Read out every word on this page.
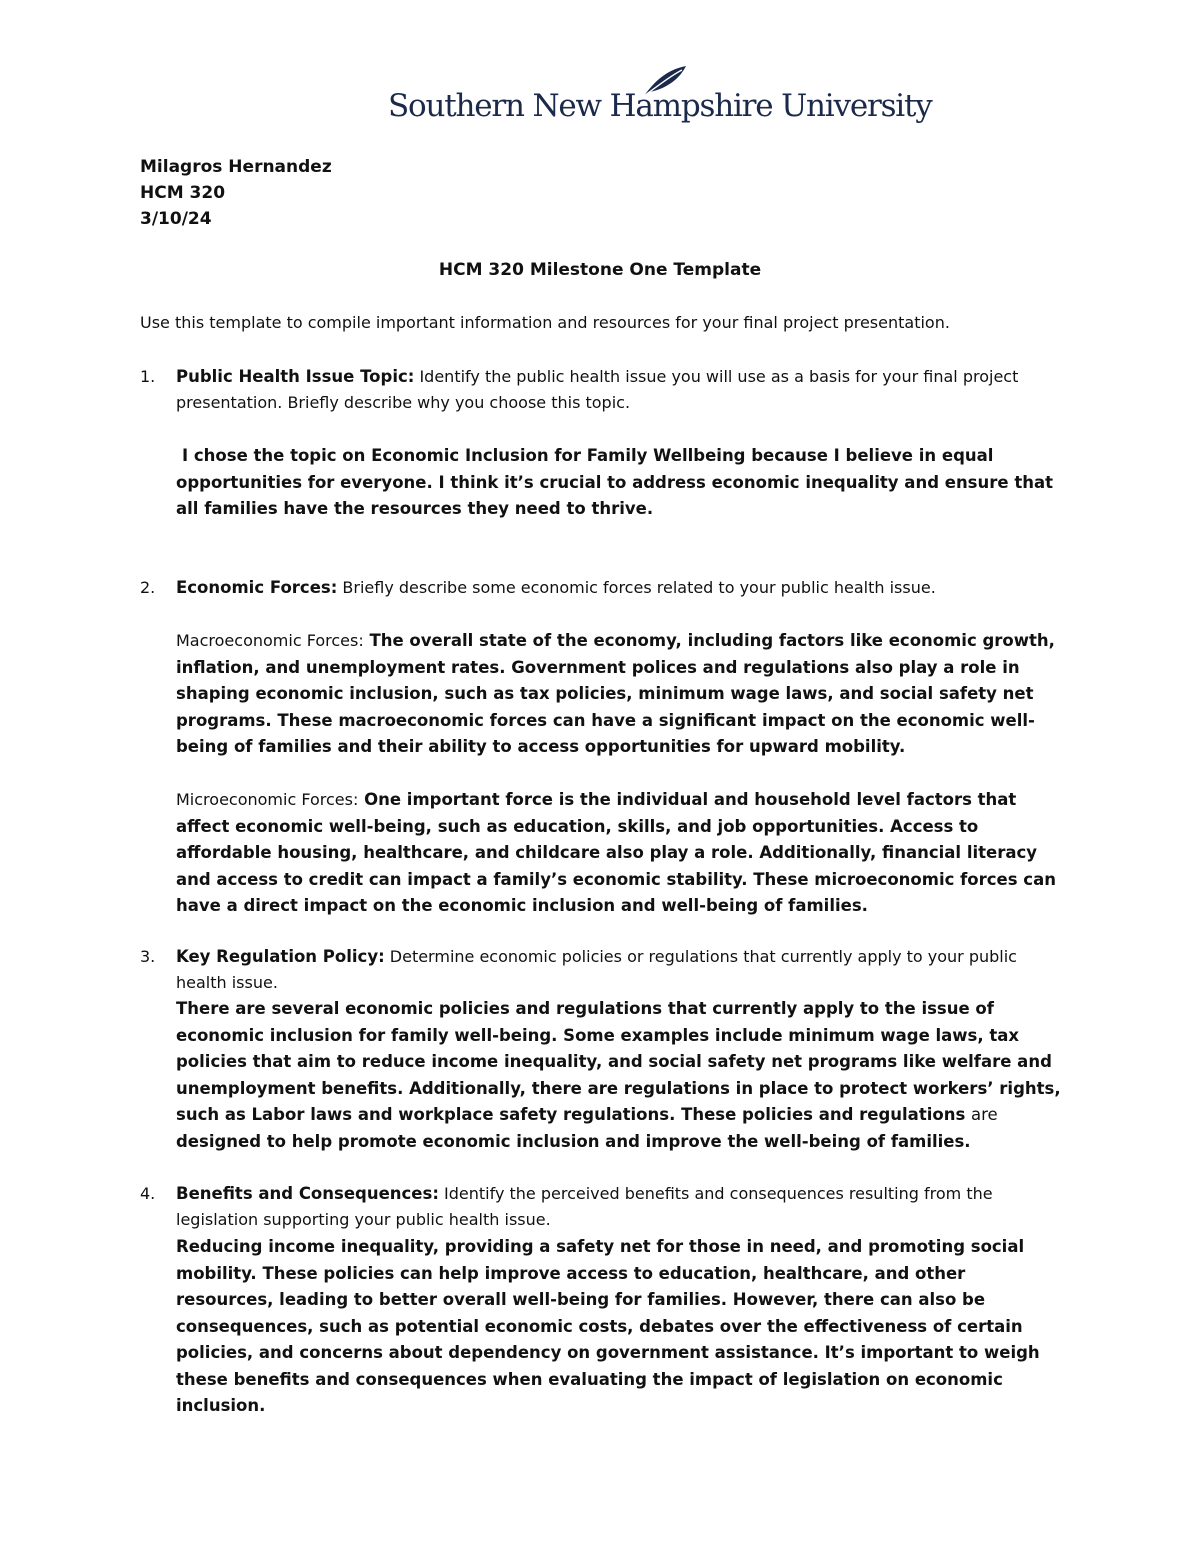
Southern New Hampshire University
Milagros Hernandez
HCM 320
3/10/24
HCM 320 Milestone One Template
Use this template to compile important information and resources for your final project presentation.
1. Public Health Issue Topic: Identify the public health issue you will use as a basis for your final project presentation. Briefly describe why you choose this topic.
I chose the topic on Economic Inclusion for Family Wellbeing because I believe in equal opportunities for everyone. I think it’s crucial to address economic inequality and ensure that all families have the resources they need to thrive.
2. Economic Forces: Briefly describe some economic forces related to your public health issue.
Macroeconomic Forces: The overall state of the economy, including factors like economic growth, inflation, and unemployment rates. Government polices and regulations also play a role in shaping economic inclusion, such as tax policies, minimum wage laws, and social safety net programs. These macroeconomic forces can have a significant impact on the economic well-being of families and their ability to access opportunities for upward mobility.
Microeconomic Forces: One important force is the individual and household level factors that affect economic well-being, such as education, skills, and job opportunities. Access to affordable housing, healthcare, and childcare also play a role. Additionally, financial literacy and access to credit can impact a family’s economic stability. These microeconomic forces can have a direct impact on the economic inclusion and well-being of families.
3. Key Regulation Policy: Determine economic policies or regulations that currently apply to your public health issue.
There are several economic policies and regulations that currently apply to the issue of economic inclusion for family well-being. Some examples include minimum wage laws, tax policies that aim to reduce income inequality, and social safety net programs like welfare and unemployment benefits. Additionally, there are regulations in place to protect workers’ rights, such as Labor laws and workplace safety regulations. These policies and regulations are designed to help promote economic inclusion and improve the well-being of families.
4. Benefits and Consequences: Identify the perceived benefits and consequences resulting from the legislation supporting your public health issue.
Reducing income inequality, providing a safety net for those in need, and promoting social mobility. These policies can help improve access to education, healthcare, and other resources, leading to better overall well-being for families. However, there can also be consequences, such as potential economic costs, debates over the effectiveness of certain policies, and concerns about dependency on government assistance. It’s important to weigh these benefits and consequences when evaluating the impact of legislation on economic inclusion.
